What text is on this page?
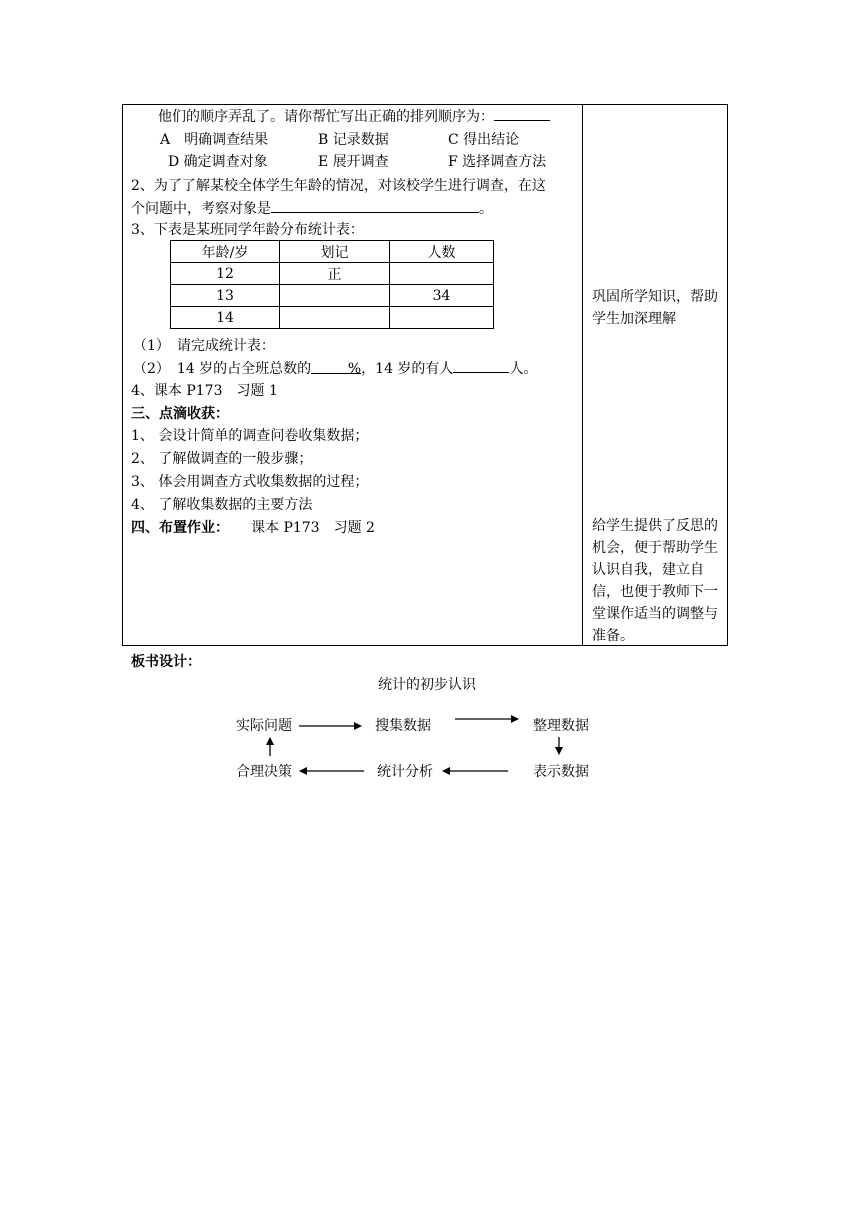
他们的顺序弄乱了。请你帮忙写出正确的排列顺序为：
A　明确调查结果	B 记录数据	C 得出结论
D 确定调查对象	E 展开调查	F 选择调查方法
2、为了了解某校全体学生年龄的情况，对该校学生进行调查，在这
个问题中，考察对象是	。
3、下表是某班同学年龄分布统计表：
年龄/岁	划记	人数
12	正	
13		34
14		
（1）　请完成统计表：
（2）　14 岁的占全班总数的	%，14 岁的有人	人。
4、课本 P173　习题 1
三、点滴收获：
1、 会设计简单的调查问卷收集数据；
2、 了解做调查的一般步骤；
3、 体会用调查方式收集数据的过程；
4、 了解收集数据的主要方法
四、布置作业： 课本 P173　习题 2
巩固所学知识，帮助学生加深理解
给学生提供了反思的机会，便于帮助学生认识自我，建立自信，也便于教师下一堂课作适当的调整与准备。
板书设计：
统计的初步认识
实际问题	搜集数据	整理数据
表示数据
统计分析
合理决策
